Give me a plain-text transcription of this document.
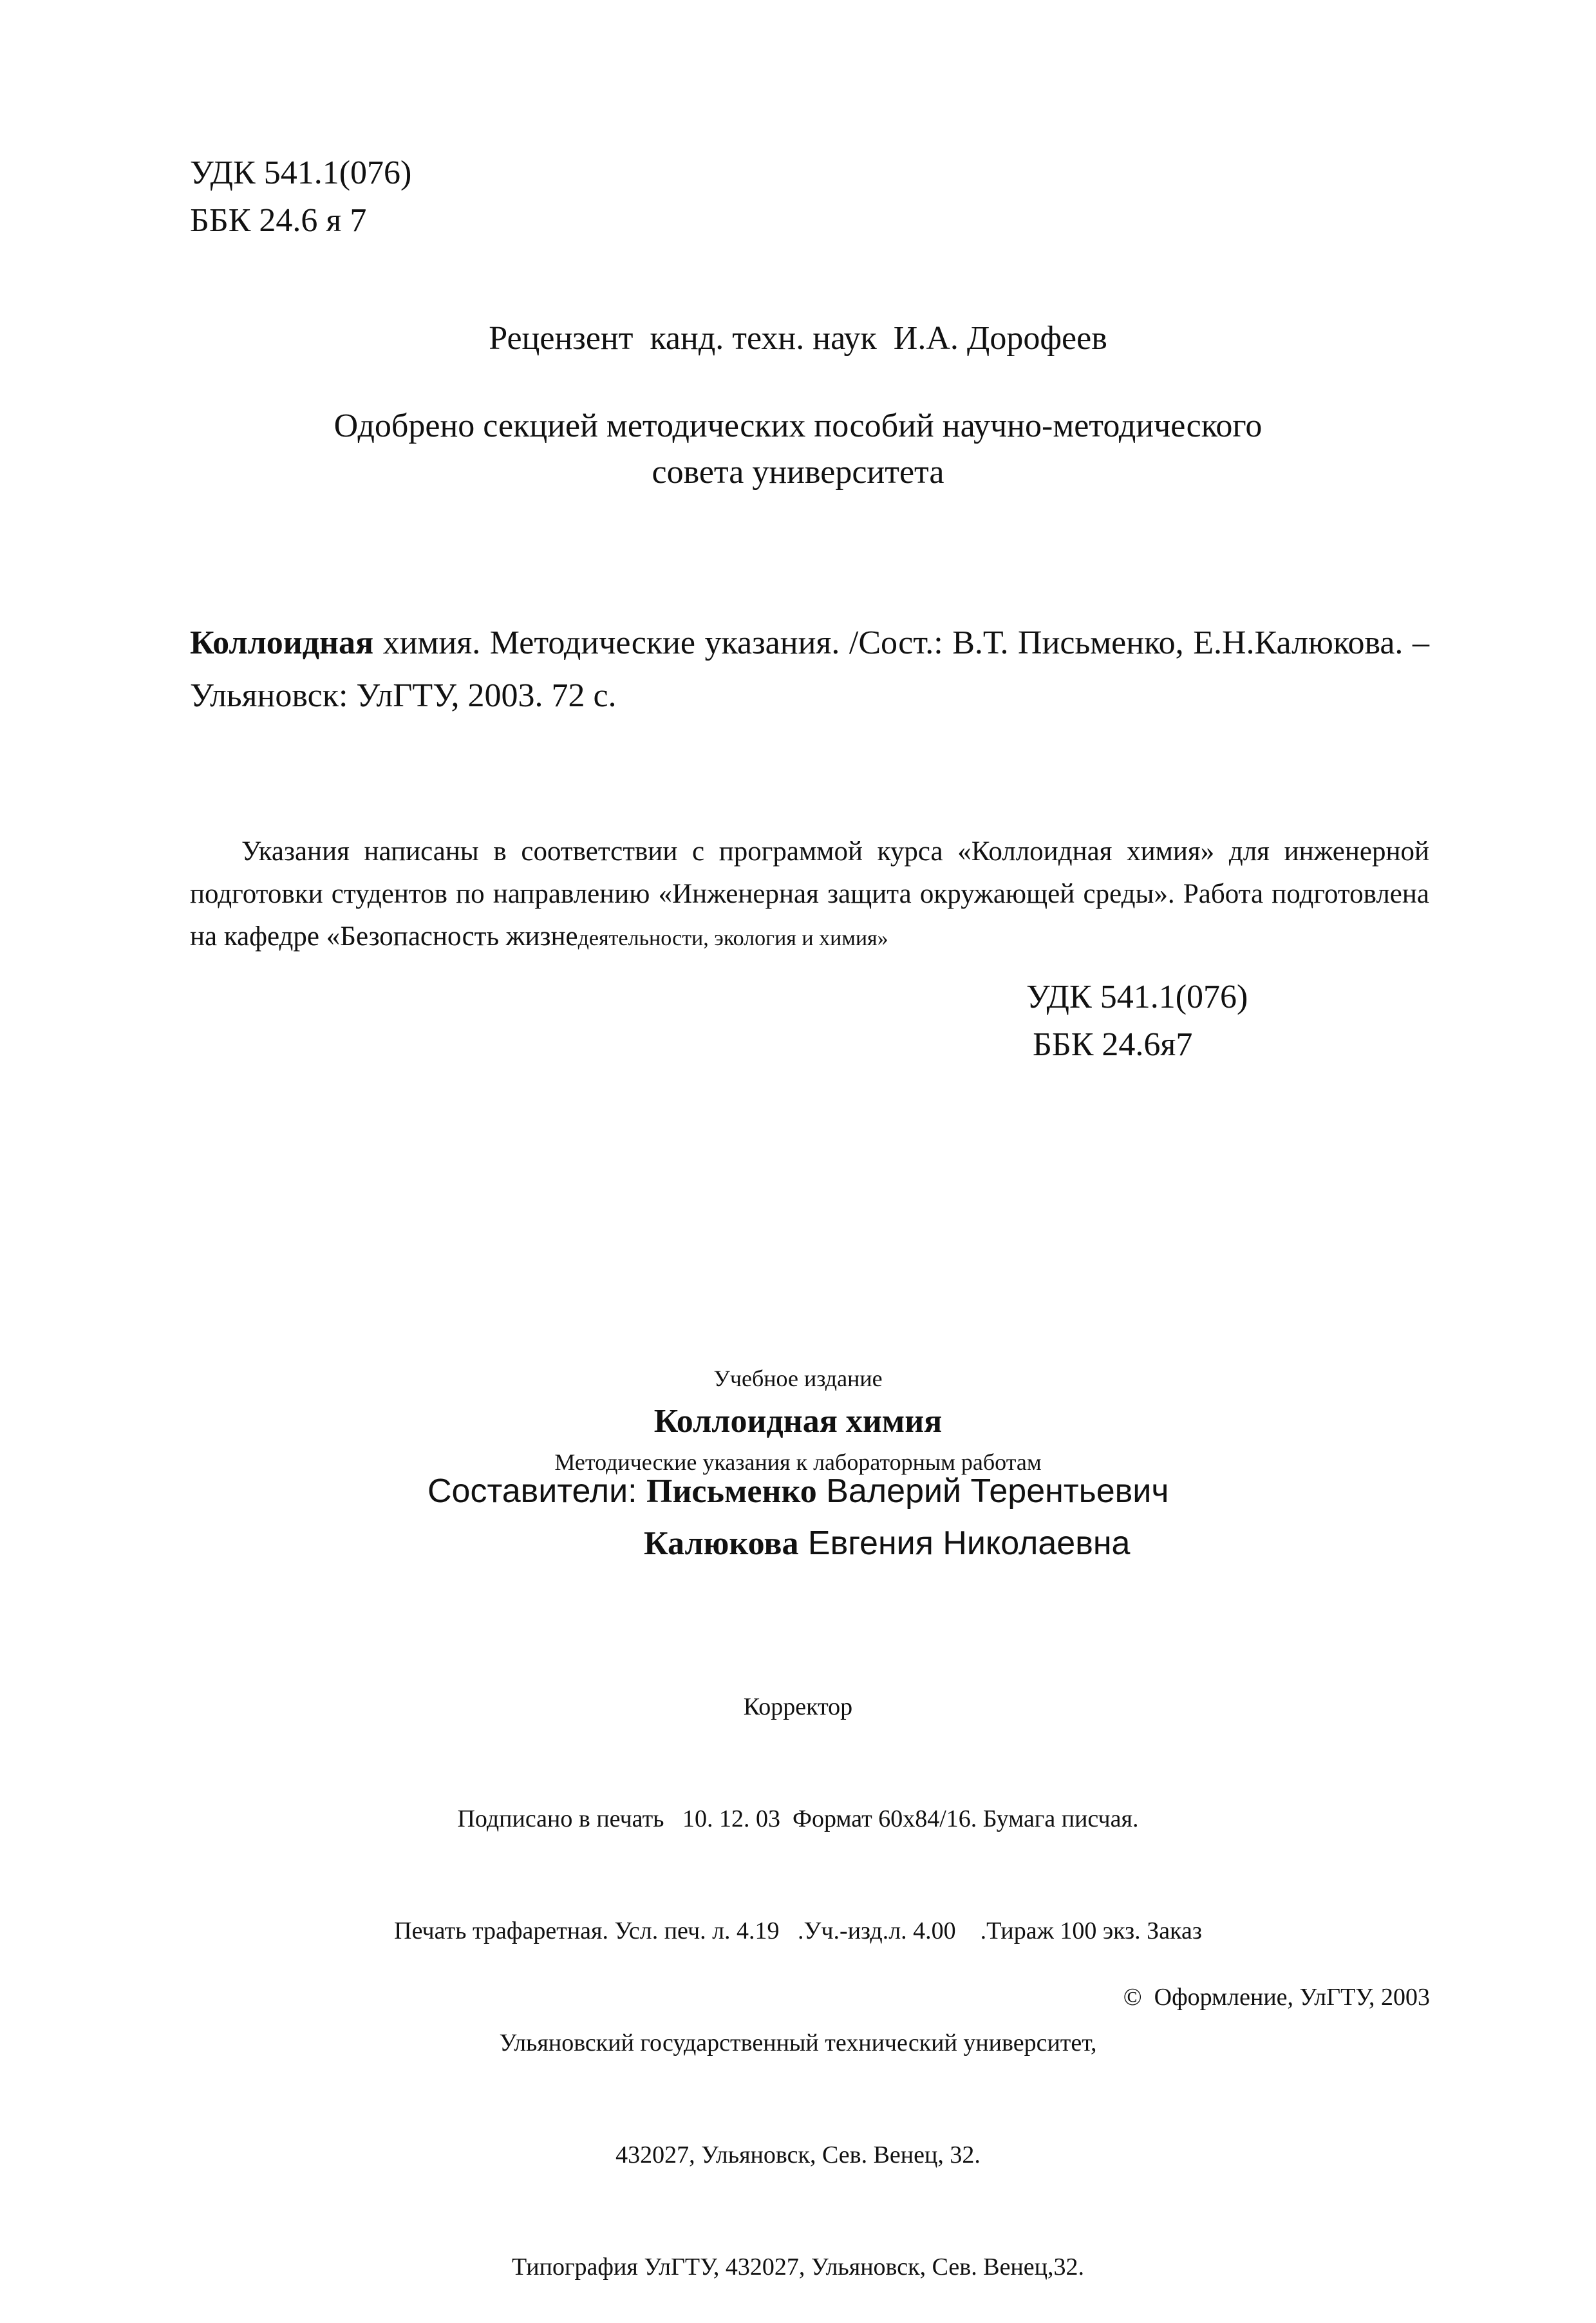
УДК 541.1(076)
ББК 24.6 я 7
Рецензент  канд. техн. наук  И.А. Дорофеев
Одобрено секцией методических пособий научно-методического
совета университета
Коллоидная химия. Методические указания. /Сост.: В.Т. Письменко, Е.Н.Калюкова. – Ульяновск: УлГТУ, 2003. 72 с.
Указания написаны в соответствии с программой курса «Коллоидная химия» для инженерной подготовки студентов по направлению «Инженерная защита окружающей среды». Работа подготовлена на кафедре «Безопасность жизнедеятельности, экология и химия»
УДК 541.1(076)
ББК 24.6я7
Учебное издание
Коллоидная химия
Методические указания к лабораторным работам
Составители: Письменко Валерий Терентьевич
Калюкова Евгения Николаевна

Корректор

Подписано в печать   10. 12. 03  Формат 60x84/16. Бумага писчая.

Печать трафаретная. Усл. печ. л. 4.19   .Уч.-изд.л. 4.00    .Тираж 100 экз. Заказ

Ульяновский государственный технический университет,

432027, Ульяновск, Сев. Венец, 32.

Типография УлГТУ, 432027, Ульяновск, Сев. Венец,32.

©  Оформление, УлГТУ, 2003
